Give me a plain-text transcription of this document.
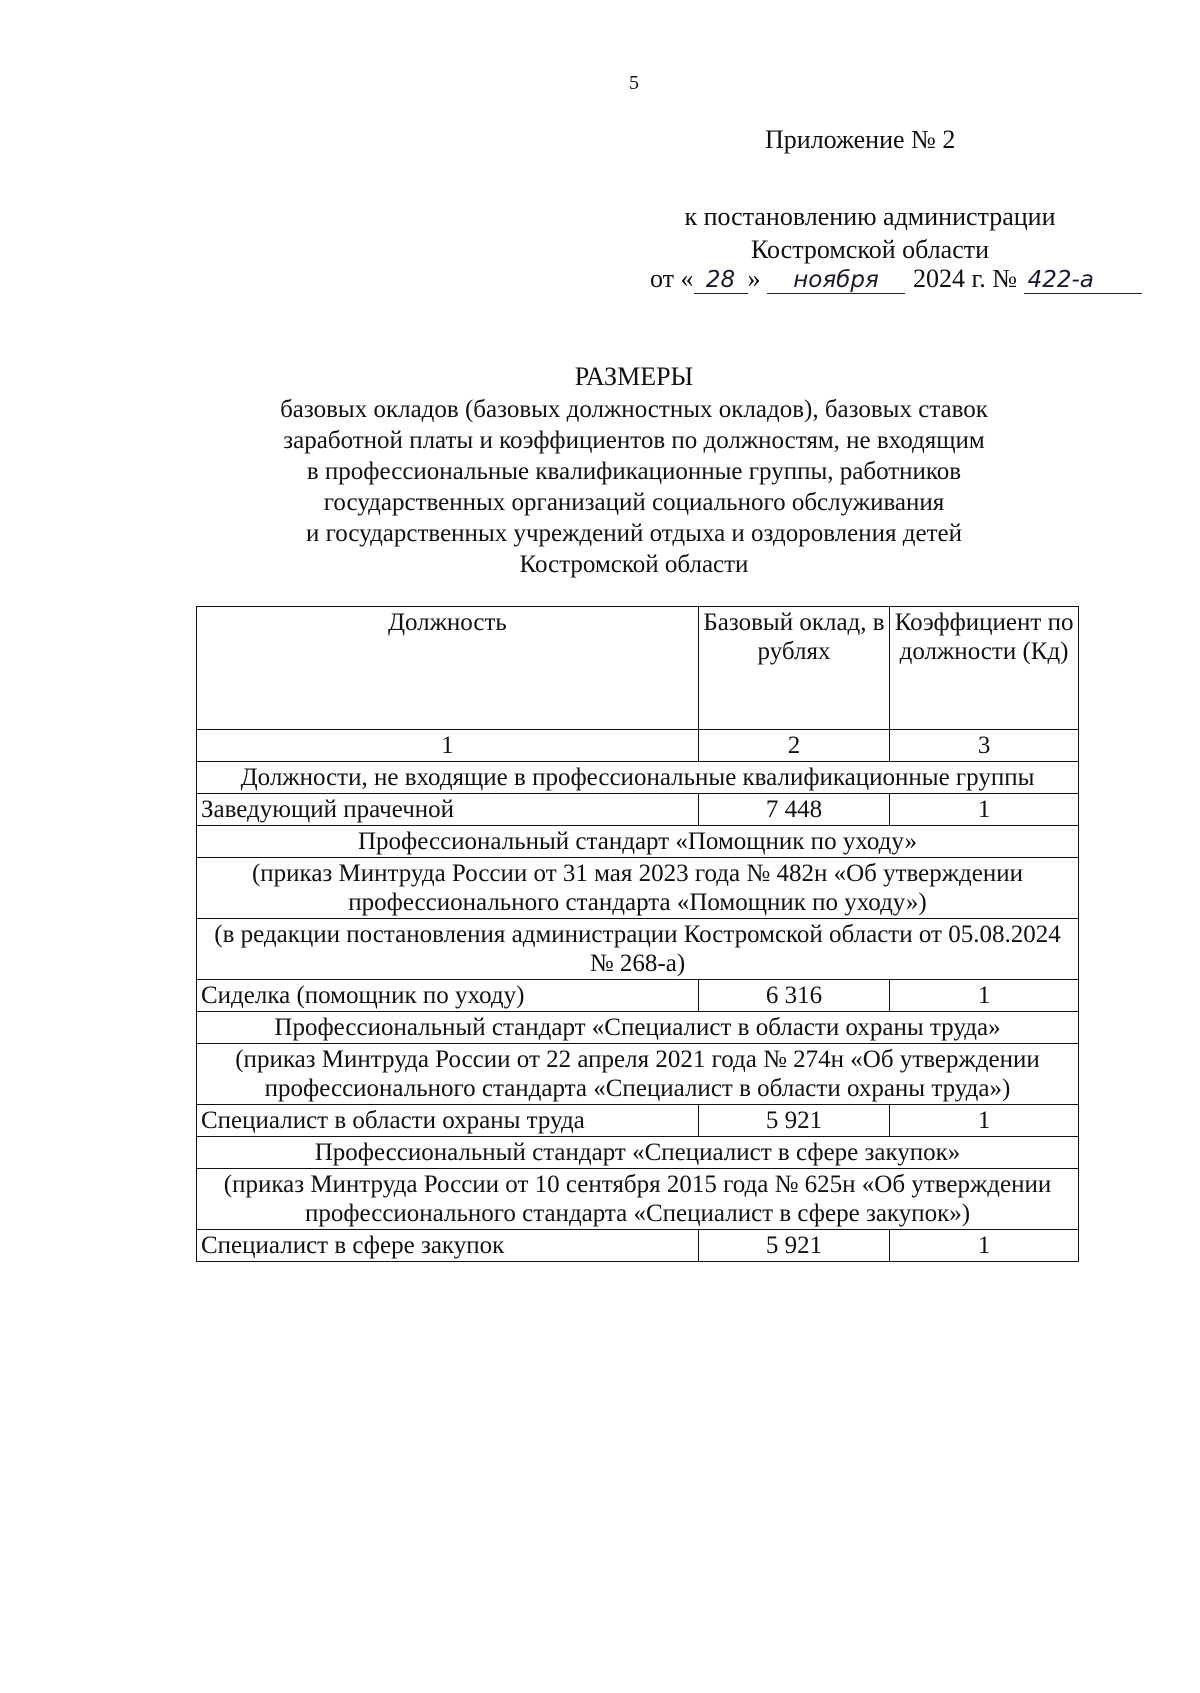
5
Приложение № 2
к постановлению администрации
Костромской области
от « 28 » ноября 2024 г. № 422-а
РАЗМЕРЫ
базовых окладов (базовых должностных окладов), базовых ставок
заработной платы и коэффициентов по должностям, не входящим
в профессиональные квалификационные группы, работников
государственных организаций социального обслуживания
и государственных учреждений отдыха и оздоровления детей
Костромской области
Должность	Базовый оклад, в рублях	Коэффициент по должности (Кд)
1	2	3
Должности, не входящие в профессиональные квалификационные группы		
Заведующий прачечной	7 448	1
Профессиональный стандарт «Помощник по уходу»		
(приказ Минтруда России от 31 мая 2023 года № 482н «Об утверждении профессионального стандарта «Помощник по уходу»)		
(в редакции постановления администрации Костромской области от 05.08.2024 № 268-а)		
Сиделка (помощник по уходу)	6 316	1
Профессиональный стандарт «Специалист в области охраны труда»		
(приказ Минтруда России от 22 апреля 2021 года № 274н «Об утверждении профессионального стандарта «Специалист в области охраны труда»)		
Специалист в области охраны труда	5 921	1
Профессиональный стандарт «Специалист в сфере закупок»		
(приказ Минтруда России от 10 сентября 2015 года № 625н «Об утверждении профессионального стандарта «Специалист в сфере закупок»)		
Специалист в сфере закупок	5 921	1
